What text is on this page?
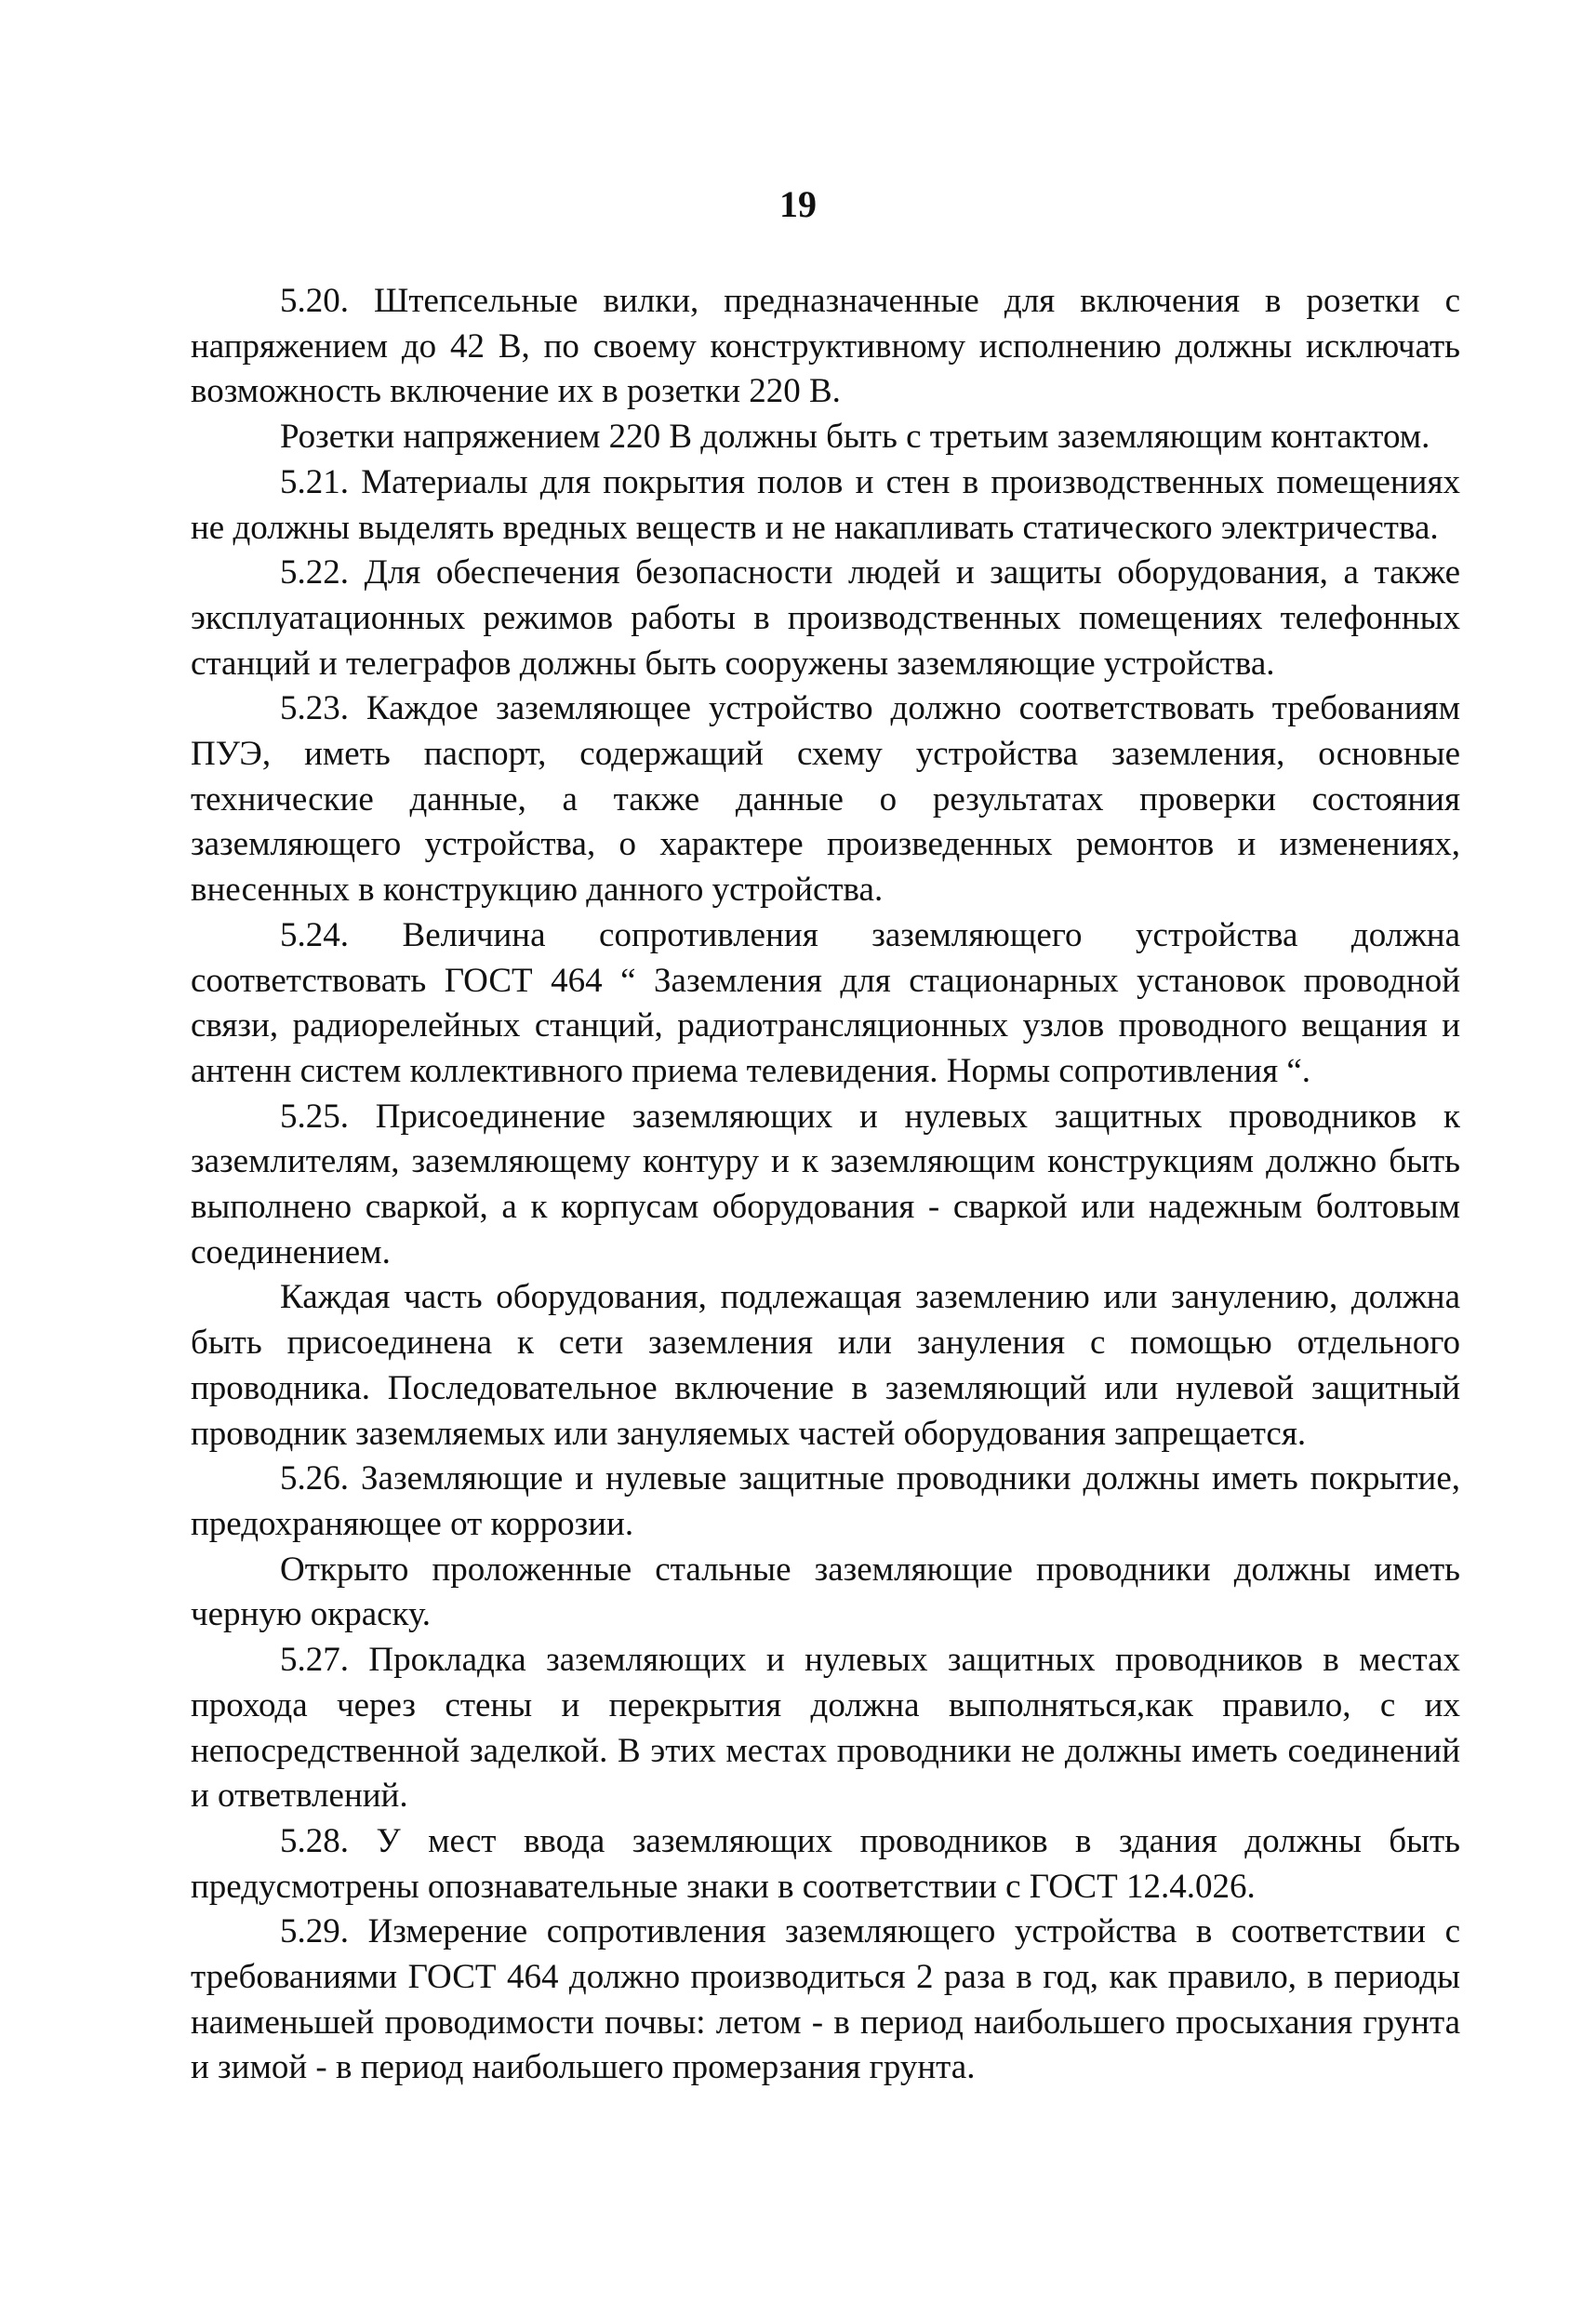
19

5.20. Штепсельные вилки, предназначенные для включения в розетки с напряжением до 42 В, по своему конструктивному исполнению должны исключать возможность включение их в розетки 220 В.

Розетки напряжением 220 В должны быть с третьим заземляющим контактом.

5.21. Материалы для покрытия полов и стен в производственных помещениях не должны выделять вредных веществ и не накапливать статического электричества.

5.22. Для обеспечения безопасности людей и защиты оборудования, а также эксплуатационных режимов работы в производственных помещениях телефонных станций и телеграфов должны быть сооружены заземляющие устройства.

5.23. Каждое заземляющее устройство должно соответствовать требованиям ПУЭ, иметь паспорт, содержащий схему устройства заземления, основные технические данные, а также данные о результатах проверки состояния заземляющего устройства, о характере произведенных ремонтов и изменениях, внесенных в конструкцию данного устройства.

5.24. Величина сопротивления заземляющего устройства должна соответствовать ГОСТ 464 “ Заземления для стационарных установок проводной связи, радиорелейных станций, радиотрансляционных узлов проводного вещания и антенн систем коллективного приема телевидения. Нормы сопротивления “.

5.25. Присоединение заземляющих и нулевых защитных проводников к заземлителям, заземляющему контуру и к заземляющим конструкциям должно быть выполнено сваркой, а к корпусам оборудования - сваркой или надежным болтовым соединением.

Каждая часть оборудования, подлежащая заземлению или занулению, должна быть присоединена к сети заземления или зануления с помощью отдельного проводника. Последовательное включение в заземляющий или нулевой защитный проводник заземляемых или зануляемых частей оборудования запрещается.

5.26. Заземляющие и нулевые защитные проводники должны иметь покрытие, предохраняющее от коррозии.

Открыто проложенные стальные заземляющие проводники должны иметь черную окраску.

5.27. Прокладка заземляющих и нулевых защитных проводников в местах прохода через стены и перекрытия должна выполняться,как правило, с их непосредственной заделкой. В этих местах проводники не должны иметь соединений и ответвлений.

5.28. У мест ввода заземляющих проводников в здания должны быть предусмотрены опознавательные знаки в соответствии с ГОСТ 12.4.026.

5.29. Измерение сопротивления заземляющего устройства в соответствии с требованиями ГОСТ 464 должно производиться 2 раза в год, как правило, в периоды наименьшей проводимости почвы: летом - в период наибольшего просыхания грунта и зимой - в период наибольшего промерзания грунта.
